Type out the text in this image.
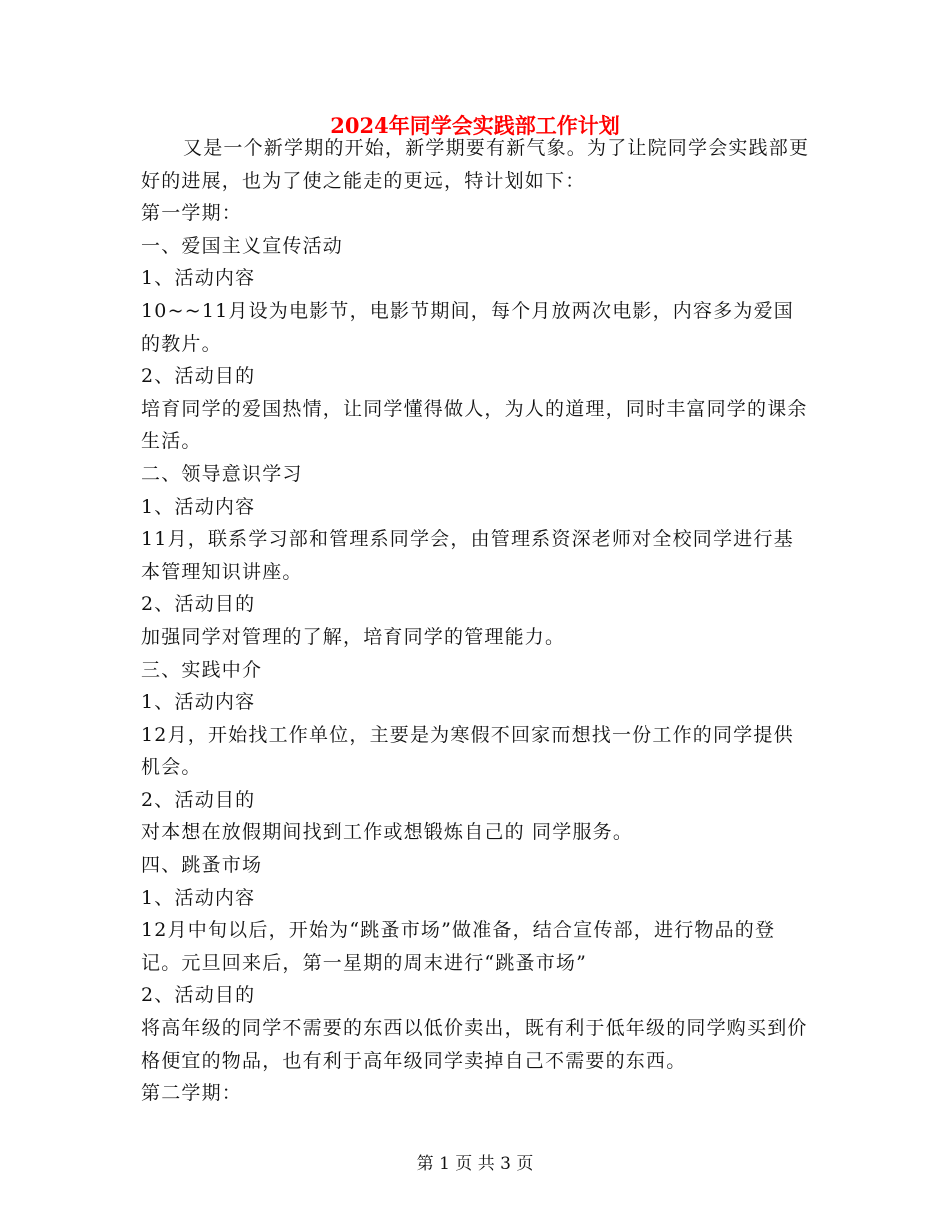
2024年同学会实践部工作计划

又是一个新学期的开始，新学期要有新气象。为了让院同学会实践部更好的进展，也为了使之能走的更远，特计划如下：

第一学期：

一、爱国主义宣传活动

1、活动内容

10~~11月设为电影节，电影节期间，每个月放两次电影，内容多为爱国的教片。

2、活动目的

培育同学的爱国热情，让同学懂得做人，为人的道理，同时丰富同学的课余生活。

二、领导意识学习

1、活动内容

11月，联系学习部和管理系同学会，由管理系资深老师对全校同学进行基本管理知识讲座。

2、活动目的

加强同学对管理的了解，培育同学的管理能力。

三、实践中介

1、活动内容

12月，开始找工作单位，主要是为寒假不回家而想找一份工作的同学提供机会。

2、活动目的

对本想在放假期间找到工作或想锻炼自己的 同学服务。

四、跳蚤市场

1、活动内容

12月中旬以后，开始为“跳蚤市场”做准备，结合宣传部，进行物品的登记。元旦回来后，第一星期的周末进行“跳蚤市场”

2、活动目的

将高年级的同学不需要的东西以低价卖出，既有利于低年级的同学购买到价格便宜的物品，也有利于高年级同学卖掉自己不需要的东西。

第二学期：

第 1 页 共 3 页
